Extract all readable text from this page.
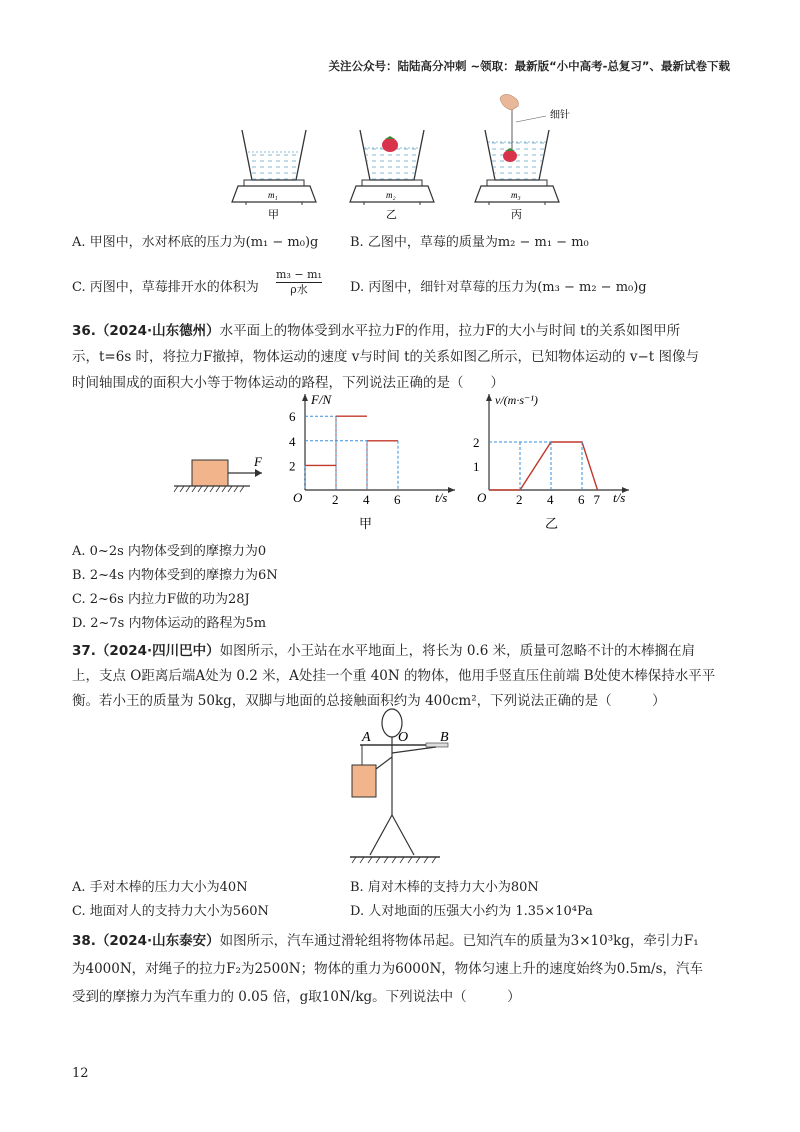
关注公众号：陆陆高分冲刺 ~领取：最新版“小中高考-总复习”、最新试卷下载
m₁	m₂	m₃
细针
甲	乙	丙
A. 甲图中，水对杯底的压力为(m₁ − m₀)g B. 乙图中，草莓的质量为m₂ − m₁ − m₀
C. 丙图中，草莓排开水的体积为
m₃ − m₁
ρ水	D. 丙图中，细针对草莓的压力为(m₃ − m₂ − m₀)g
36.（2024·山东德州）水平面上的物体受到水平拉力F的作用，拉力F的大小与时间 t的关系如图甲所
示，t=6s 时，将拉力F撤掉，物体运动的速度 v与时间 t的关系如图乙所示，已知物体运动的 v−t 图像与
时间轴围成的面积大小等于物体运动的路程，下列说法正确的是（　　）
F 2
4
6
2 4 6
F/N
t/s
O
甲
1
2
2 4 6 7
v/(m·s⁻¹)
t/s
O
乙
A. 0~2s 内物体受到的摩擦力为0
B. 2~4s 内物体受到的摩擦力为6N
C. 2~6s 内拉力F做的功为28J
D. 2~7s 内物体运动的路程为5m
37.（2024·四川巴中）如图所示，小王站在水平地面上，将长为 0.6 米，质量可忽略不计的木棒搁在肩
上，支点 O距离后端A处为 0.2 米，A处挂一个重 40N 的物体，他用手竖直压住前端 B处使木棒保持水平平
衡。若小王的质量为 50kg，双脚与地面的总接触面积约为 400cm²，下列说法正确的是（　　　）
A O B
A. 手对木棒的压力大小为40N	B. 肩对木棒的支持力大小为80N
C. 地面对人的支持力大小为560N	D. 人对地面的压强大小约为 1.35×10⁴Pa
38.（2024·山东泰安）如图所示，汽车通过滑轮组将物体吊起。已知汽车的质量为3×10³kg，牵引力F₁
为4000N，对绳子的拉力F₂为2500N；物体的重力为6000N，物体匀速上升的速度始终为0.5m/s，汽车
受到的摩擦力为汽车重力的 0.05 倍，g取10N/kg。下列说法中（　　　）
12
